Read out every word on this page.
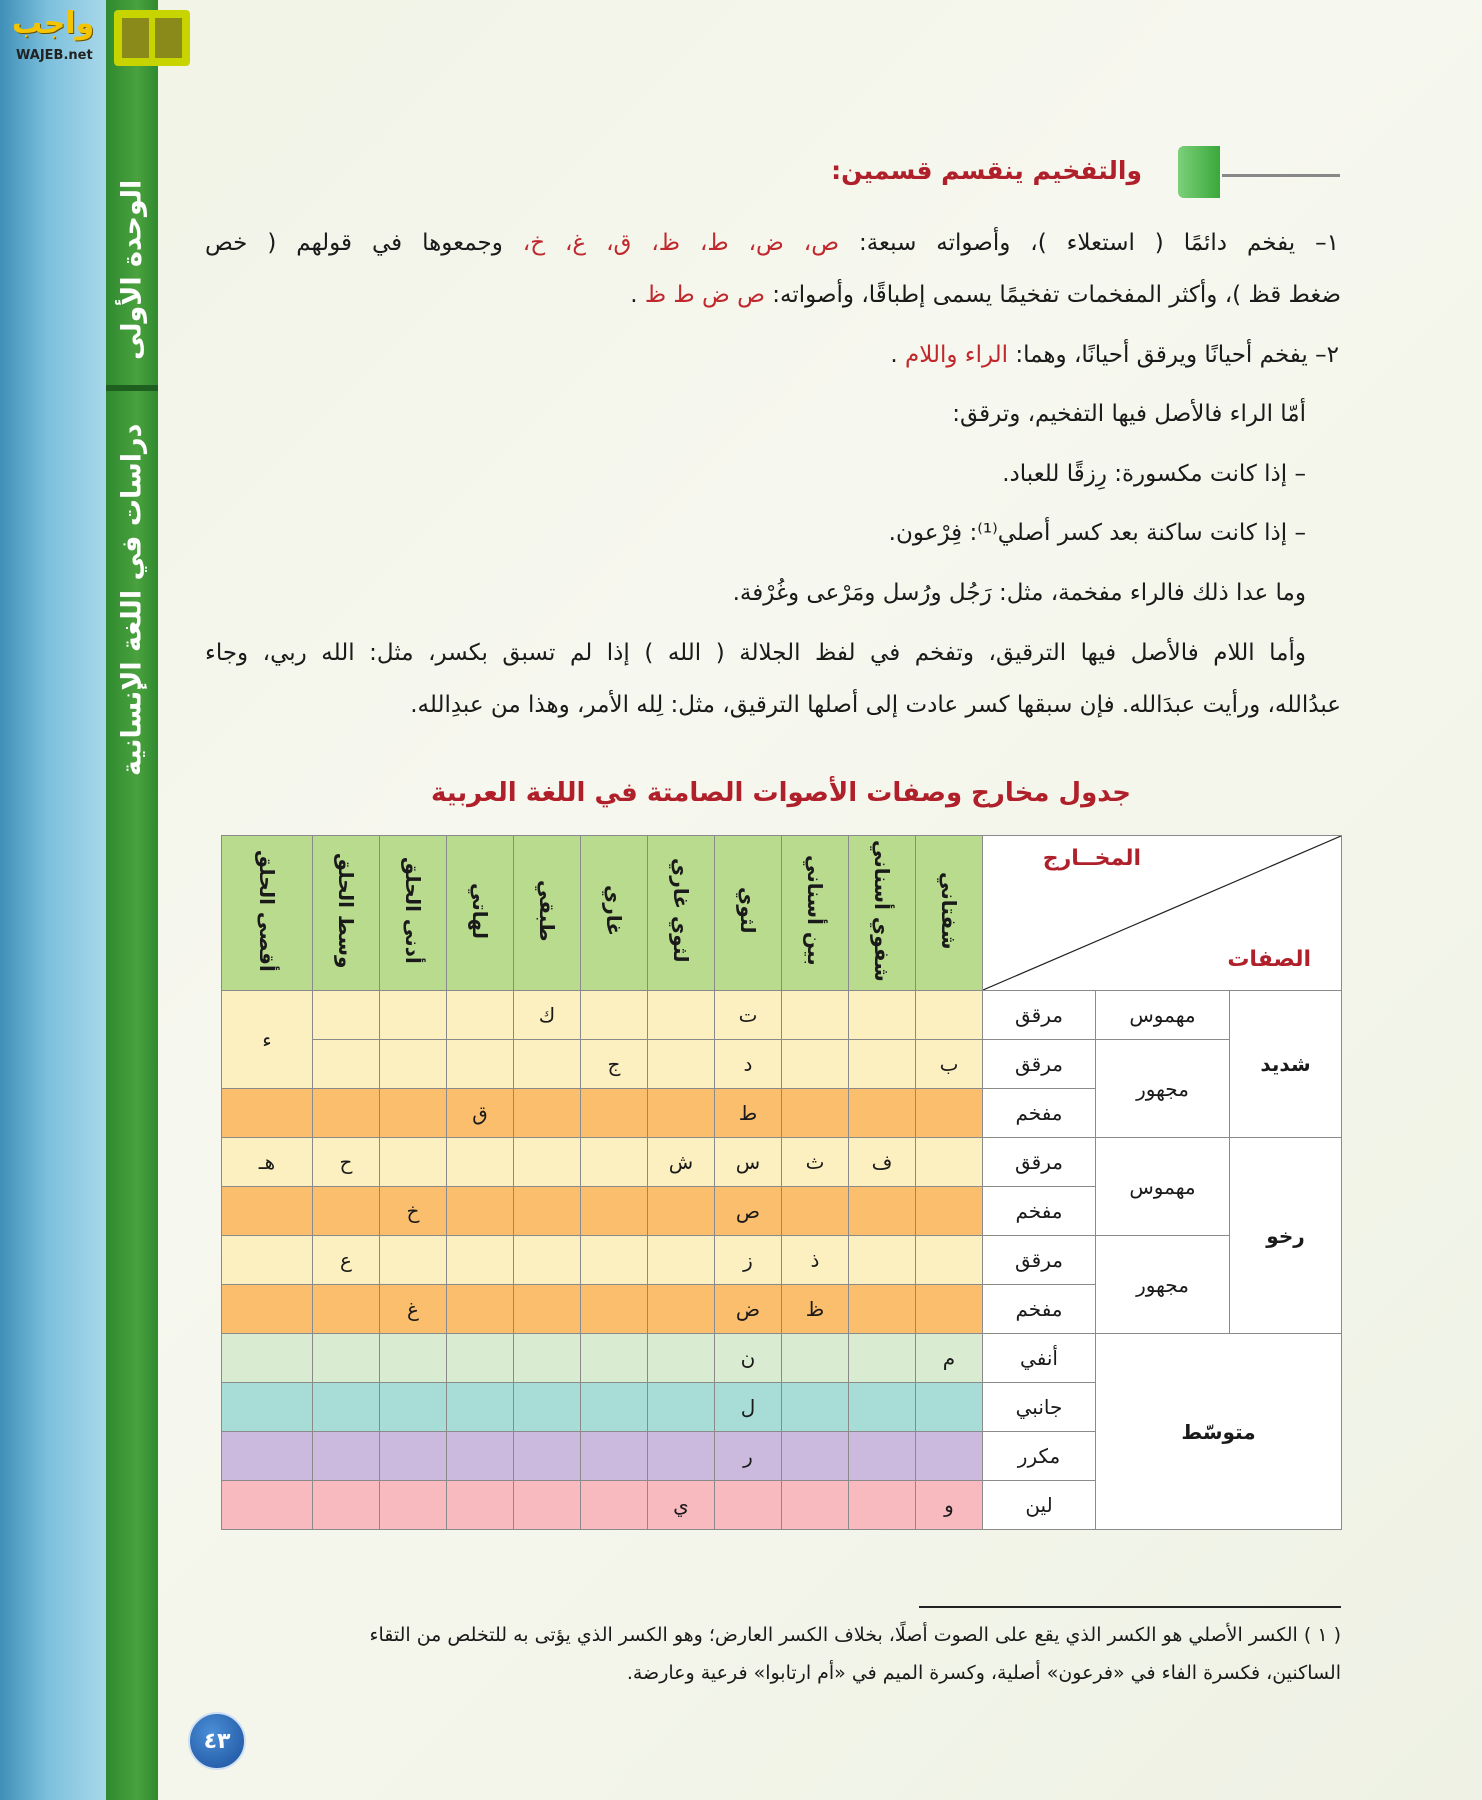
الوحدة الأولى
دراسات في اللغة الإنسانية
واجب
WAJEB.net
والتفخيم ينقسم قسمين:
١– يفخم دائمًا ( استعلاء )، وأصواته سبعة: ص، ض، ط، ظ، ق، غ، خ، وجمعوها في قولهم ( خص
ضغط قظ )، وأكثر المفخمات تفخيمًا يسمى إطباقًا، وأصواته: ص ض ط ظ .
٢– يفخم أحيانًا ويرقق أحيانًا، وهما: الراء واللام .
أمّا الراء فالأصل فيها التفخيم، وترقق:
– إذا كانت مكسورة: رِزقًا للعباد.
– إذا كانت ساكنة بعد كسر أصلي⁽¹⁾: فِرْعون.
وما عدا ذلك فالراء مفخمة، مثل: رَجُل ورُسل ومَرْعى وغُرْفة.
وأما اللام فالأصل فيها الترقيق، وتفخم في لفظ الجلالة ( الله ) إذا لم تسبق بكسر، مثل: الله ربي، وجاء
عبدُالله، ورأيت عبدَالله. فإن سبقها كسر عادت إلى أصلها الترقيق، مثل: لِله الأمر، وهذا من عبدِالله.
جدول مخارج وصفات الأصوات الصامتة في اللغة العربية
المخــارج
الصفات			شفتاني	شفوي أسناني	بين أسناني	لثوي	لثوي غاري	غاري	طبقي	لهاتي	أدنى الحلق	وسط الحلق	أقصى الحلق
شديد	مهموس	مرقق				ت			ك				ء
	مجهور	مرقق	ب			د		ج					
		مفخم				ط				ق			
رخو	مهموس	مرقق		ف	ث	س	ش					ح	هـ
		مفخم				ص					خ		
	مجهور	مرقق			ذ	ز						ع	
		مفخم			ظ	ض					غ		
متوسّط		أنفي	م			ن							
		جانبي				ل							
		مكرر				ر							
		لين	و				ي						
( ١ ) الكسر الأصلي هو الكسر الذي يقع على الصوت أصلًا، بخلاف الكسر العارض؛ وهو الكسر الذي يؤتى به للتخلص من التقاء
الساكنين، فكسرة الفاء في «فرعون» أصلية، وكسرة الميم في «أم ارتابوا» فرعية وعارضة.
٤٣
